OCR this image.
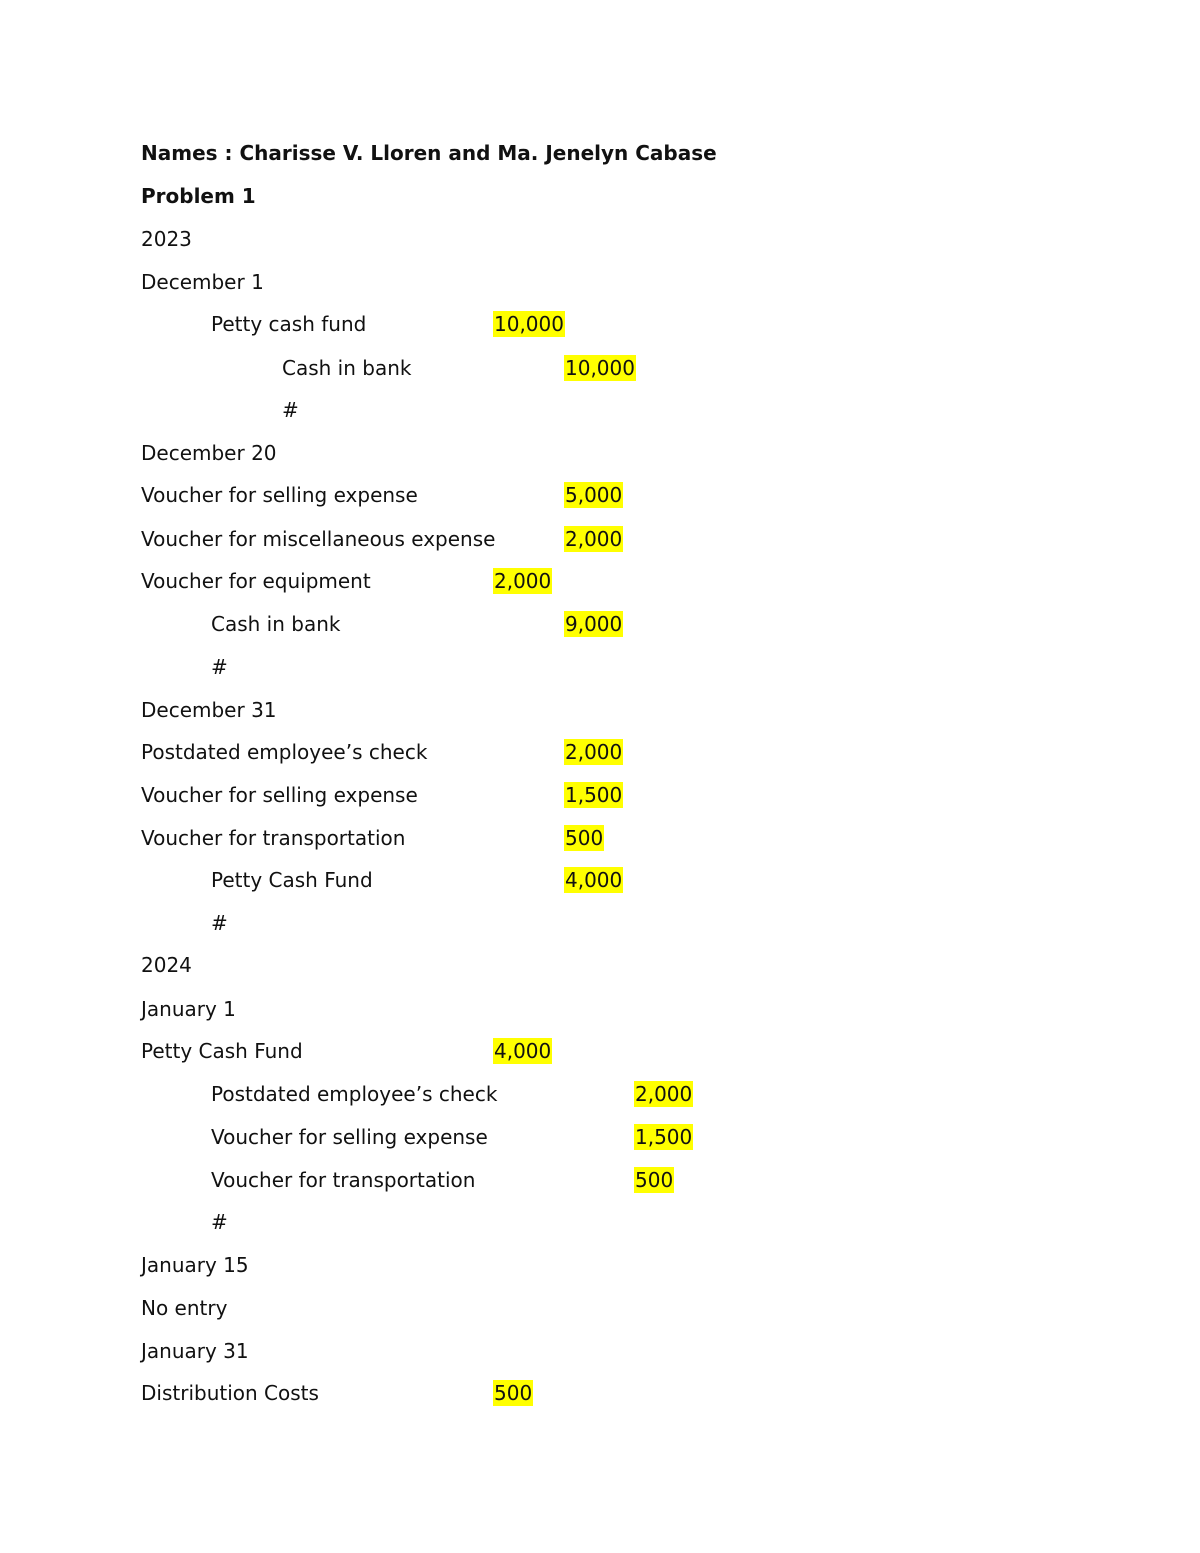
Names : Charisse V. Lloren and Ma. Jenelyn Cabase
Problem 1
2023
December 1
Petty cash fund	10,000
Cash in bank	10,000
#
December 20
Voucher for selling expense	5,000
Voucher for miscellaneous expense	2,000
Voucher for equipment	2,000
Cash in bank	9,000
#
December 31
Postdated employee’s check	2,000
Voucher for selling expense	1,500
Voucher for transportation	500
Petty Cash Fund	4,000
#
2024
January 1
Petty Cash Fund	4,000
Postdated employee’s check	2,000
Voucher for selling expense	1,500
Voucher for transportation	500
#
January 15
No entry
January 31
Distribution Costs	500
